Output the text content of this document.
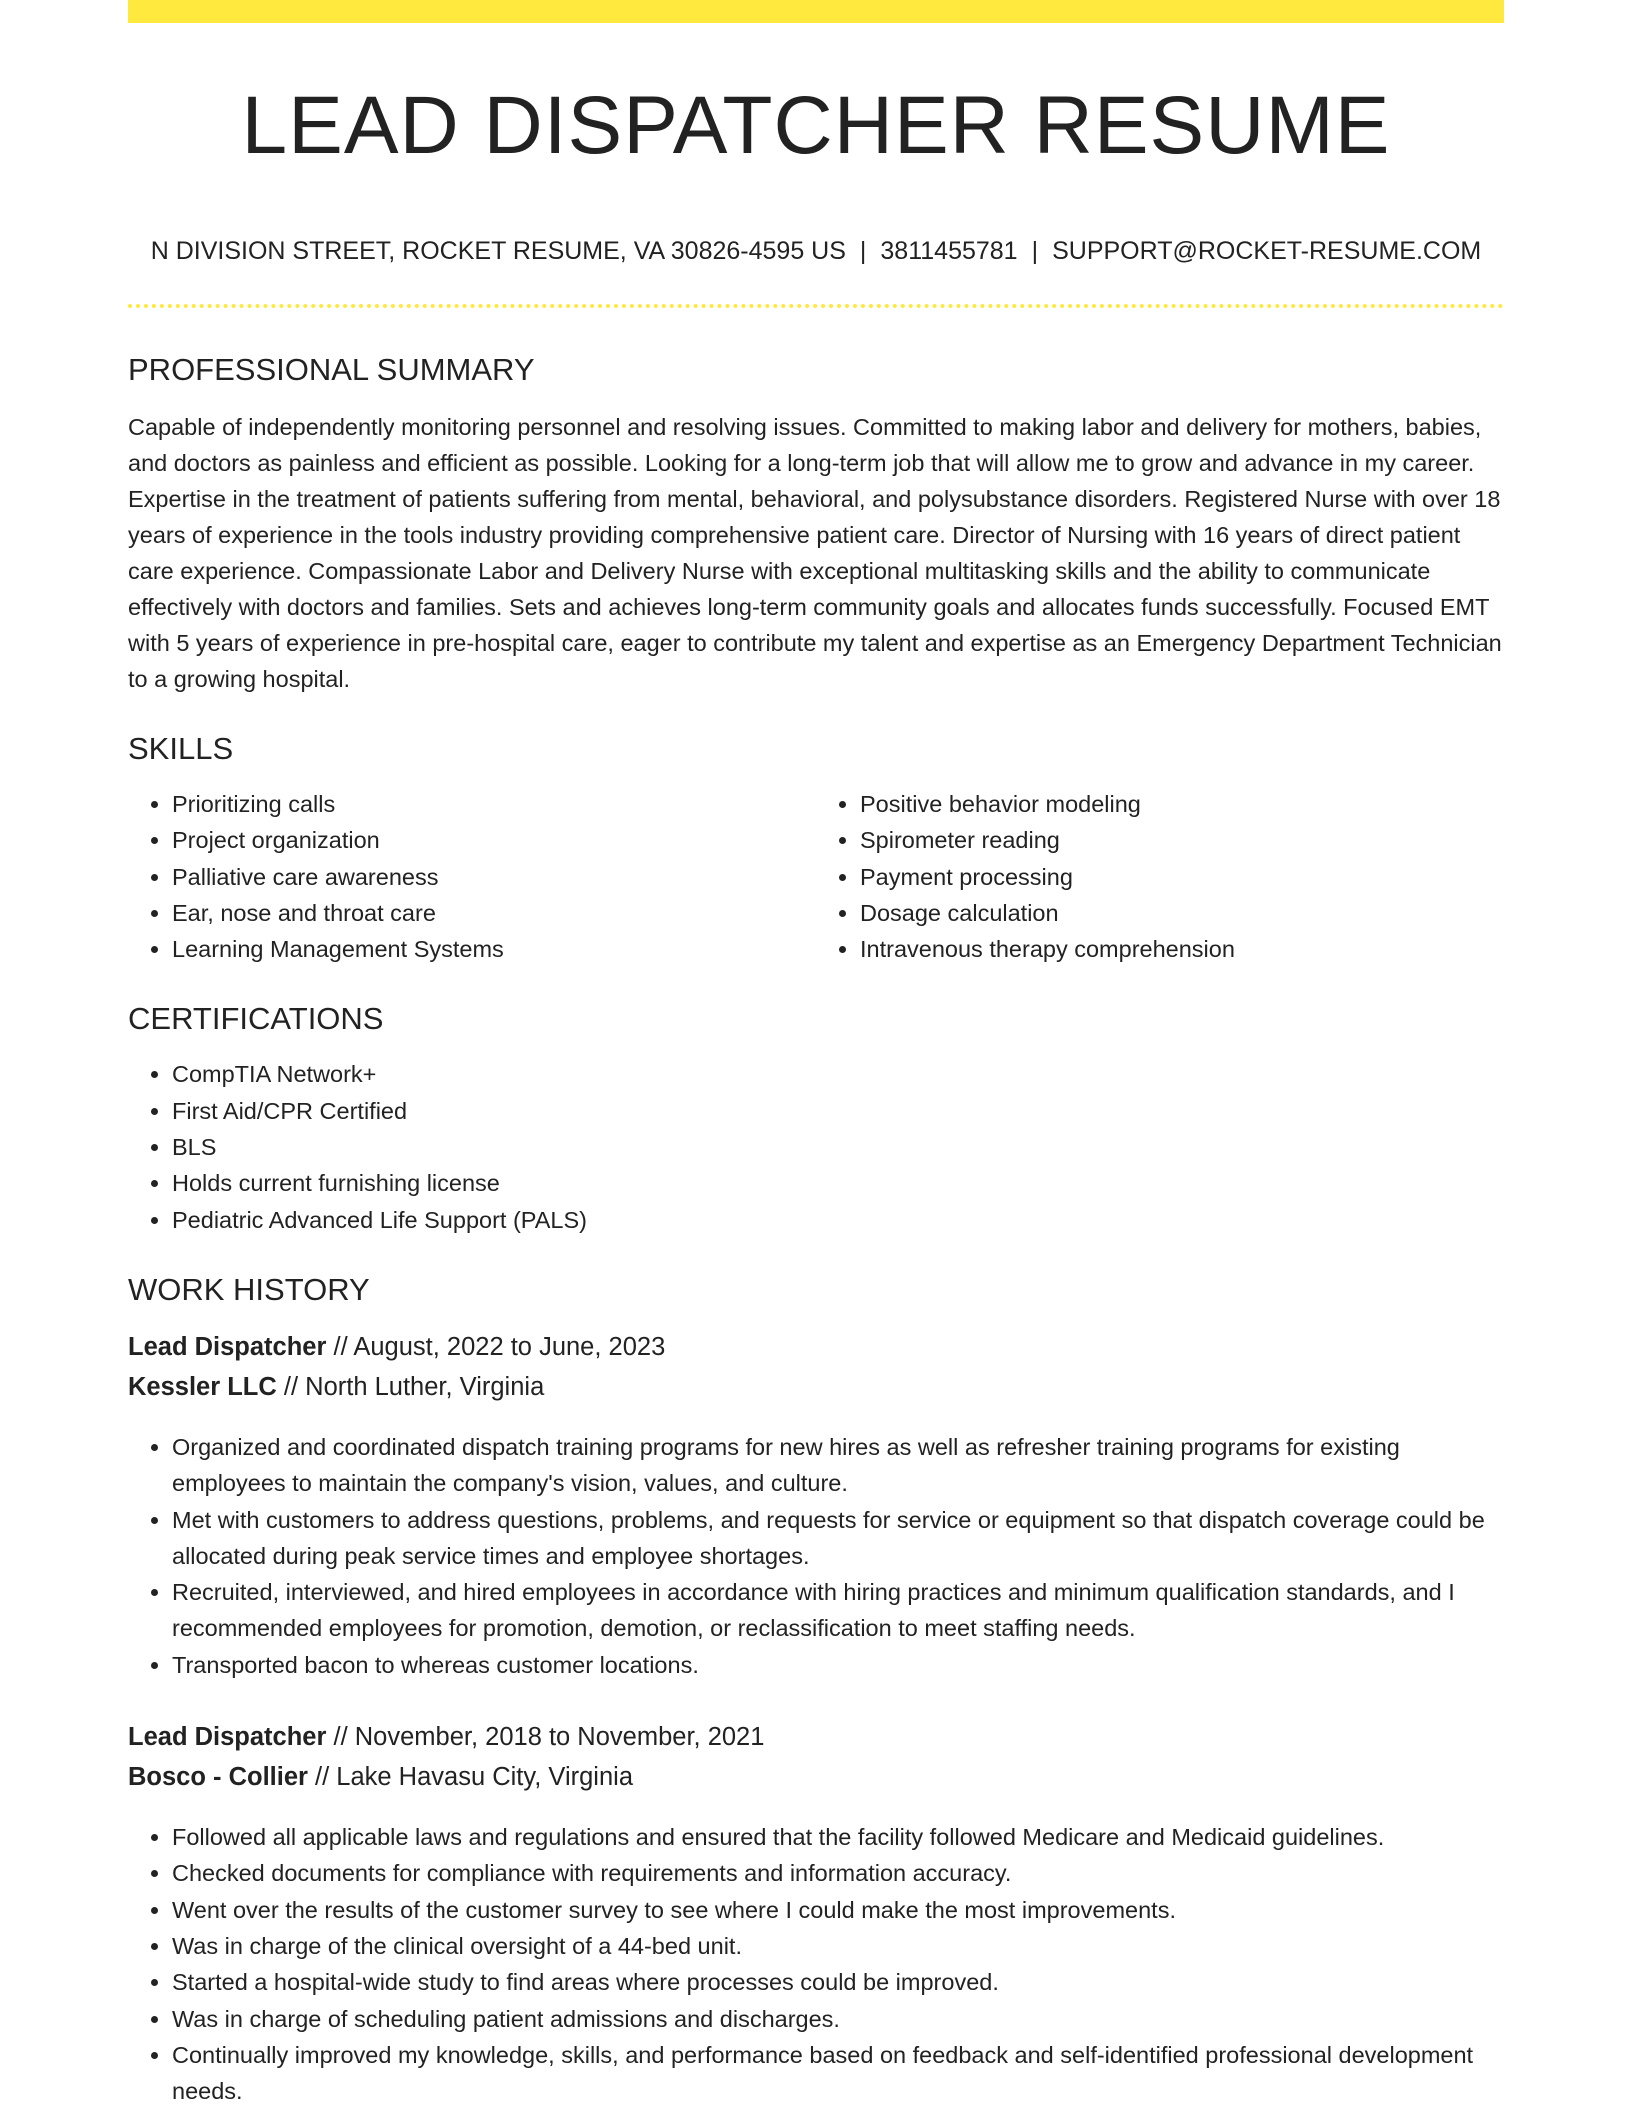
LEAD DISPATCHER RESUME
N DIVISION STREET, ROCKET RESUME, VA 30826-4595 US | 3811455781 | SUPPORT@ROCKET-RESUME.COM
PROFESSIONAL SUMMARY
Capable of independently monitoring personnel and resolving issues. Committed to making labor and delivery for mothers, babies, and doctors as painless and efficient as possible. Looking for a long-term job that will allow me to grow and advance in my career. Expertise in the treatment of patients suffering from mental, behavioral, and polysubstance disorders. Registered Nurse with over 18 years of experience in the tools industry providing comprehensive patient care. Director of Nursing with 16 years of direct patient care experience. Compassionate Labor and Delivery Nurse with exceptional multitasking skills and the ability to communicate effectively with doctors and families. Sets and achieves long-term community goals and allocates funds successfully. Focused EMT with 5 years of experience in pre-hospital care, eager to contribute my talent and expertise as an Emergency Department Technician to a growing hospital.
SKILLS
• Prioritizing calls
• Project organization
• Palliative care awareness
• Ear, nose and throat care
• Learning Management Systems
• Positive behavior modeling
• Spirometer reading
• Payment processing
• Dosage calculation
• Intravenous therapy comprehension
CERTIFICATIONS
• CompTIA Network+
• First Aid/CPR Certified
• BLS
• Holds current furnishing license
• Pediatric Advanced Life Support (PALS)
WORK HISTORY
Lead Dispatcher // August, 2022 to June, 2023
Kessler LLC // North Luther, Virginia
• Organized and coordinated dispatch training programs for new hires as well as refresher training programs for existing employees to maintain the company's vision, values, and culture.
• Met with customers to address questions, problems, and requests for service or equipment so that dispatch coverage could be allocated during peak service times and employee shortages.
• Recruited, interviewed, and hired employees in accordance with hiring practices and minimum qualification standards, and I recommended employees for promotion, demotion, or reclassification to meet staffing needs.
• Transported bacon to whereas customer locations.
Lead Dispatcher // November, 2018 to November, 2021
Bosco - Collier // Lake Havasu City, Virginia
• Followed all applicable laws and regulations and ensured that the facility followed Medicare and Medicaid guidelines.
• Checked documents for compliance with requirements and information accuracy.
• Went over the results of the customer survey to see where I could make the most improvements.
• Was in charge of the clinical oversight of a 44-bed unit.
• Started a hospital-wide study to find areas where processes could be improved.
• Was in charge of scheduling patient admissions and discharges.
• Continually improved my knowledge, skills, and performance based on feedback and self-identified professional development needs.
